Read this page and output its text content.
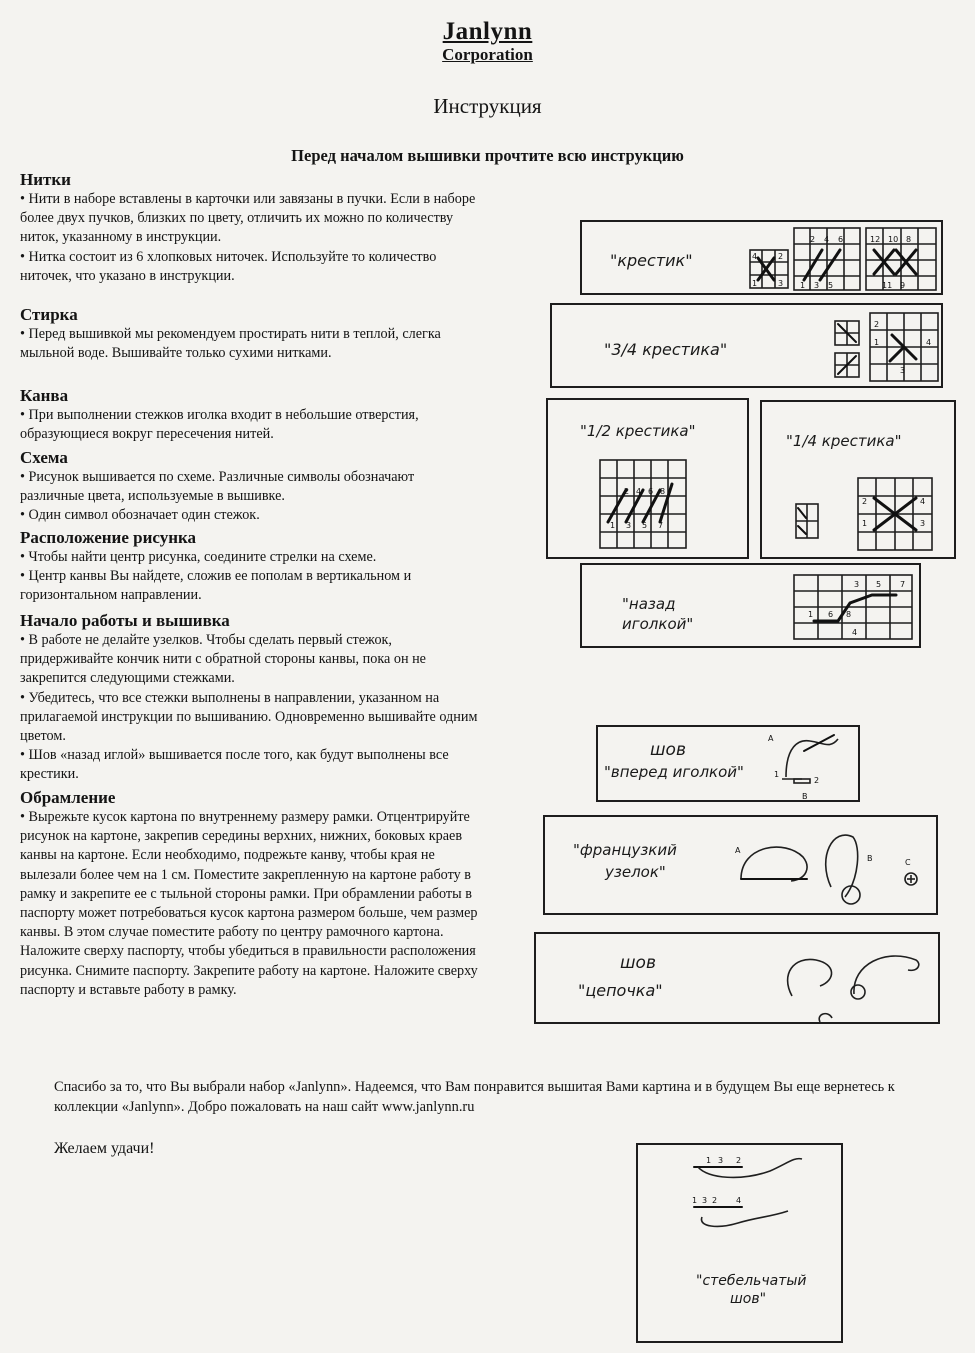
Janlynn
Corporation
Инструкция
Перед началом вышивки прочтите всю инструкцию
Нитки

• Нити в наборе вставлены в карточки или завязаны в пучки. Если в наборе более двух пучков, близких по цвету, отличить их можно по количеству ниток, указанному в инструкции.

• Нитка состоит из 6 хлопковых ниточек. Используйте то количество ниточек, что указано в инструкции.

Стирка

• Перед вышивкой мы рекомендуем простирать нити в теплой, слегка мыльной воде. Вышивайте только сухими нитками.

Канва

• При выполнении стежков иголка входит в небольшие отверстия, образующиеся вокруг пересечения нитей.

Схема

• Рисунок вышивается по схеме. Различные символы обозначают различные цвета, используемые в вышивке.

• Один символ обозначает один стежок.

Расположение рисунка

• Чтобы найти центр рисунка, соедините стрелки на схеме.

• Центр канвы Вы найдете, сложив ее пополам в вертикальном и горизонтальном направлении.

Начало работы и вышивка

• В работе не делайте узелков. Чтобы сделать первый стежок, придерживайте кончик нити с обратной стороны канвы, пока он не закрепится следующими стежками.

• Убедитесь, что все стежки выполнены в направлении, указанном на прилагаемой инструкции по вышиванию. Одновременно вышивайте одним цветом.

• Шов «назад иглой» вышивается после того, как будут выполнены все крестики.

Обрамление

• Вырежьте кусок картона по внутреннему размеру рамки. Отцентрируйте рисунок на картоне, закрепив середины верхних, нижних, боковых краев канвы на картоне. Если необходимо, подрежьте канву, чтобы края не вылезали более чем на 1 см. Поместите закрепленную на картоне работу в рамку и закрепите ее с тыльной стороны рамки. При обрамлении работы в паспорту может потребоваться кусок картона размером больше, чем размер канвы. В этом случае поместите работу по центру рамочного картона. Наложите сверху паспорту, чтобы убедиться в правильности расположения рисунка. Снимите паспорту. Закрепите работу на картоне. Наложите сверху паспорту и вставьте работу в рамку.

Спасибо за то, что Вы выбрали набор «Janlynn». Надеемся, что Вам понравится вышитая Вами картина и в будущем Вы еще вернетесь к коллекции «Janlynn». Добро пожаловать на наш сайт www.janlynn.ru
Желаем удачи!
"крестик"	4	2
1	3
2 4 6
1 3 5
12 10 8
11 9
"3/4 крестика"
2
1	4
3
"1/2 крестика"
2 4 6 8
1 3 5 7
"1/4 крестика"
2
1
4
3
"назад
иголкой"
3 5 7
1 6 8
4
шов
"вперед иголкой"
A
1
2
B
"французкий
узелок"
A
B	C
шов
"цепочка"
1 3 2
1 3 2 4
"стебельчатый
шов"
